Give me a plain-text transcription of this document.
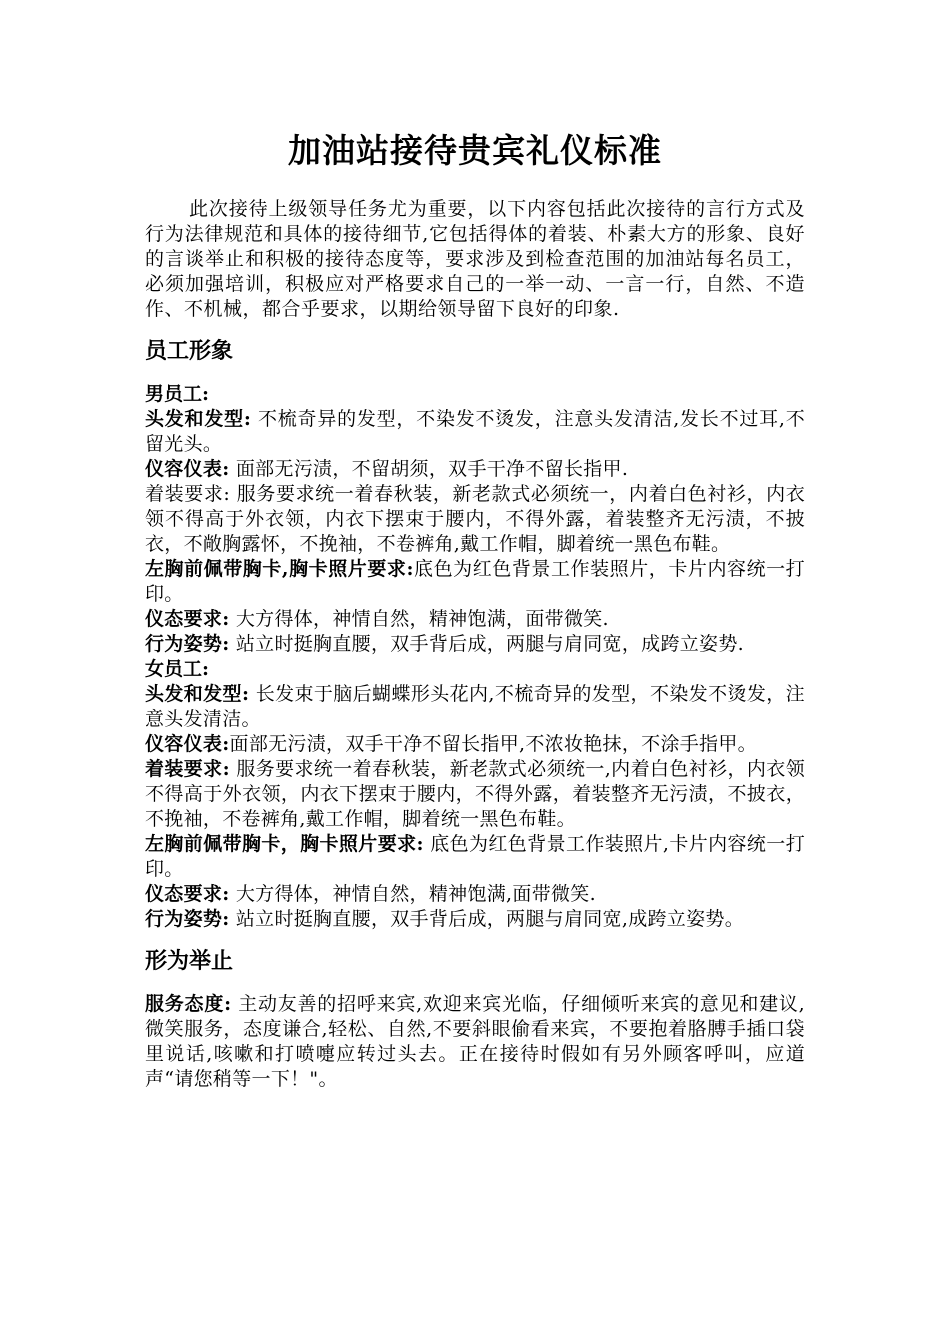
加油站接待贵宾礼仪标准

此次接待上级领导任务尤为重要，以下内容包括此次接待的言行方式及行为法律规范和具体的接待细节,它包括得体的着装、朴素大方的形象、良好的言谈举止和积极的接待态度等，要求涉及到检查范围的加油站每名员工，必须加强培训，积极应对严格要求自己的一举一动、一言一行，自然、不造作、不机械，都合乎要求，以期给领导留下良好的印象.

员工形象

男员工:

头发和发型: 不梳奇异的发型，不染发不烫发，注意头发清洁,发长不过耳,不留光头。

仪容仪表: 面部无污渍，不留胡须，双手干净不留长指甲.

着装要求: 服务要求统一着春秋装，新老款式必须统一，内着白色衬衫，内衣领不得高于外衣领，内衣下摆束于腰内，不得外露，着装整齐无污渍，不披衣，不敞胸露怀，不挽袖，不卷裤角,戴工作帽，脚着统一黑色布鞋。

左胸前佩带胸卡,胸卡照片要求:底色为红色背景工作装照片，卡片内容统一打印。

仪态要求: 大方得体，神情自然，精神饱满，面带微笑.

行为姿势: 站立时挺胸直腰，双手背后成，两腿与肩同宽，成跨立姿势.

女员工:

头发和发型: 长发束于脑后蝴蝶形头花内,不梳奇异的发型，不染发不烫发，注意头发清洁。

仪容仪表:面部无污渍，双手干净不留长指甲,不浓妆艳抹，不涂手指甲。

着装要求: 服务要求统一着春秋装，新老款式必须统一,内着白色衬衫，内衣领不得高于外衣领，内衣下摆束于腰内，不得外露，着装整齐无污渍，不披衣，不挽袖，不卷裤角,戴工作帽，脚着统一黑色布鞋。

左胸前佩带胸卡，胸卡照片要求: 底色为红色背景工作装照片,卡片内容统一打印。

仪态要求: 大方得体，神情自然，精神饱满,面带微笑.

行为姿势: 站立时挺胸直腰，双手背后成，两腿与肩同宽,成跨立姿势。

形为举止

服务态度: 主动友善的招呼来宾,欢迎来宾光临，仔细倾听来宾的意见和建议,微笑服务，态度谦合,轻松、自然,不要斜眼偷看来宾，不要抱着胳膊手插口袋里说话,咳嗽和打喷嚏应转过头去。正在接待时假如有另外顾客呼叫，应道声“请您稍等一下！"。
